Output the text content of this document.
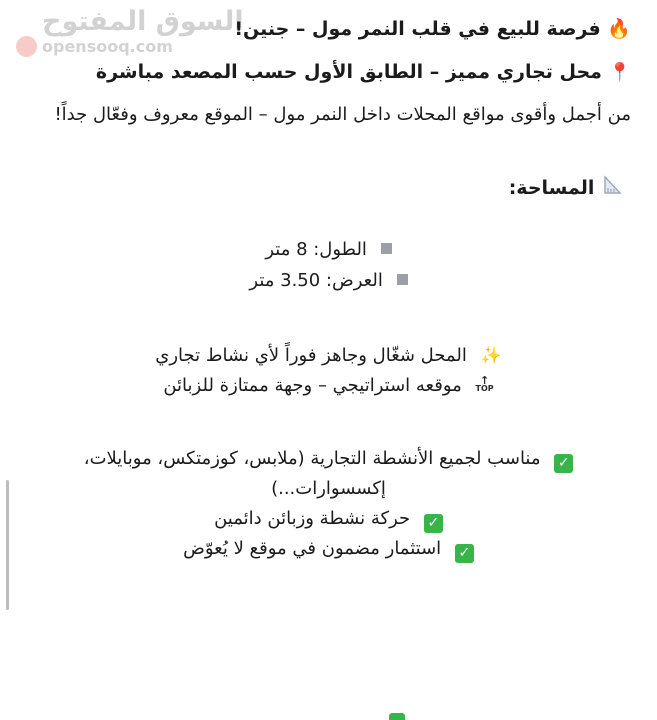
السوق المفتوح
opensooq.com
🔥 فرصة للبيع في قلب النمر مول – جنين!
📍 محل تجاري مميز – الطابق الأول حسب المصعد مباشرة
من أجمل وأقوى مواقع المحلات داخل النمر مول – الموقع معروف وفعّال جداً!
المساحة:
الطول: 8 متر
العرض: 3.50 متر
✨ المحل شغّال وجاهز فوراً لأي نشاط تجاري
↑
TOP موقعه استراتيجي – وجهة ممتازة للزبائن
✓ مناسب لجميع الأنشطة التجارية (ملابس، كوزمتكس، موبايلات، إكسسوارات...)
✓ حركة نشطة وزبائن دائمين
✓ استثمار مضمون في موقع لا يُعوّض
